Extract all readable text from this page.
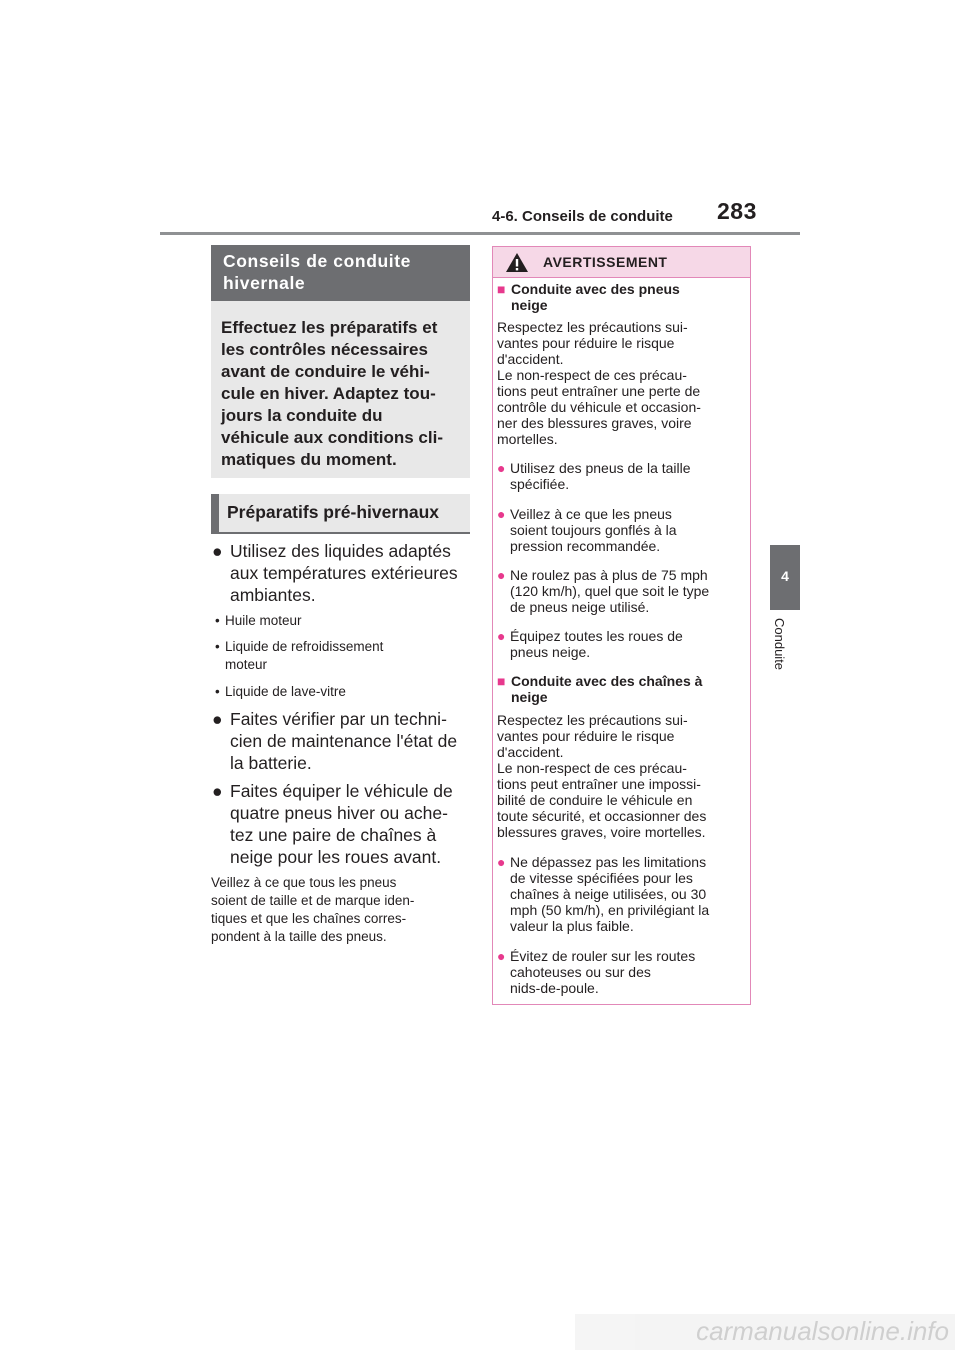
4-6. Conseils de conduite 283
4
Conduite
Conseils de conduite
hivernale
Effectuez les préparatifs et
les contrôles nécessaires
avant de conduire le véhi-
cule en hiver. Adaptez tou-
jours la conduite du
véhicule aux conditions cli-
matiques du moment.
Préparatifs pré-hivernaux
● Utilisez des liquides adaptés
aux températures extérieures
ambiantes.
• Huile moteur
• Liquide de refroidissement
moteur
• Liquide de lave-vitre
● Faites vérifier par un techni-
cien de maintenance l'état de
la batterie.
● Faites équiper le véhicule de
quatre pneus hiver ou ache-
tez une paire de chaînes à
neige pour les roues avant.
Veillez à ce que tous les pneus
soient de taille et de marque iden-
tiques et que les chaînes corres-
pondent à la taille des pneus.
AVERTISSEMENT
■ Conduite avec des pneus
neige
Respectez les précautions sui-
vantes pour réduire le risque
d'accident.
Le non-respect de ces précau-
tions peut entraîner une perte de
contrôle du véhicule et occasion-
ner des blessures graves, voire
mortelles.
● Utilisez des pneus de la taille
spécifiée.
● Veillez à ce que les pneus
soient toujours gonflés à la
pression recommandée.
● Ne roulez pas à plus de 75 mph
(120 km/h), quel que soit le type
de pneus neige utilisé.
● Équipez toutes les roues de
pneus neige.
■ Conduite avec des chaînes à
neige
Respectez les précautions sui-
vantes pour réduire le risque
d'accident.
Le non-respect de ces précau-
tions peut entraîner une impossi-
bilité de conduire le véhicule en
toute sécurité, et occasionner des
blessures graves, voire mortelles.
● Ne dépassez pas les limitations
de vitesse spécifiées pour les
chaînes à neige utilisées, ou 30
mph (50 km/h), en privilégiant la
valeur la plus faible.
● Évitez de rouler sur les routes
cahoteuses ou sur des
nids-de-poule.
carmanualsonline.info
